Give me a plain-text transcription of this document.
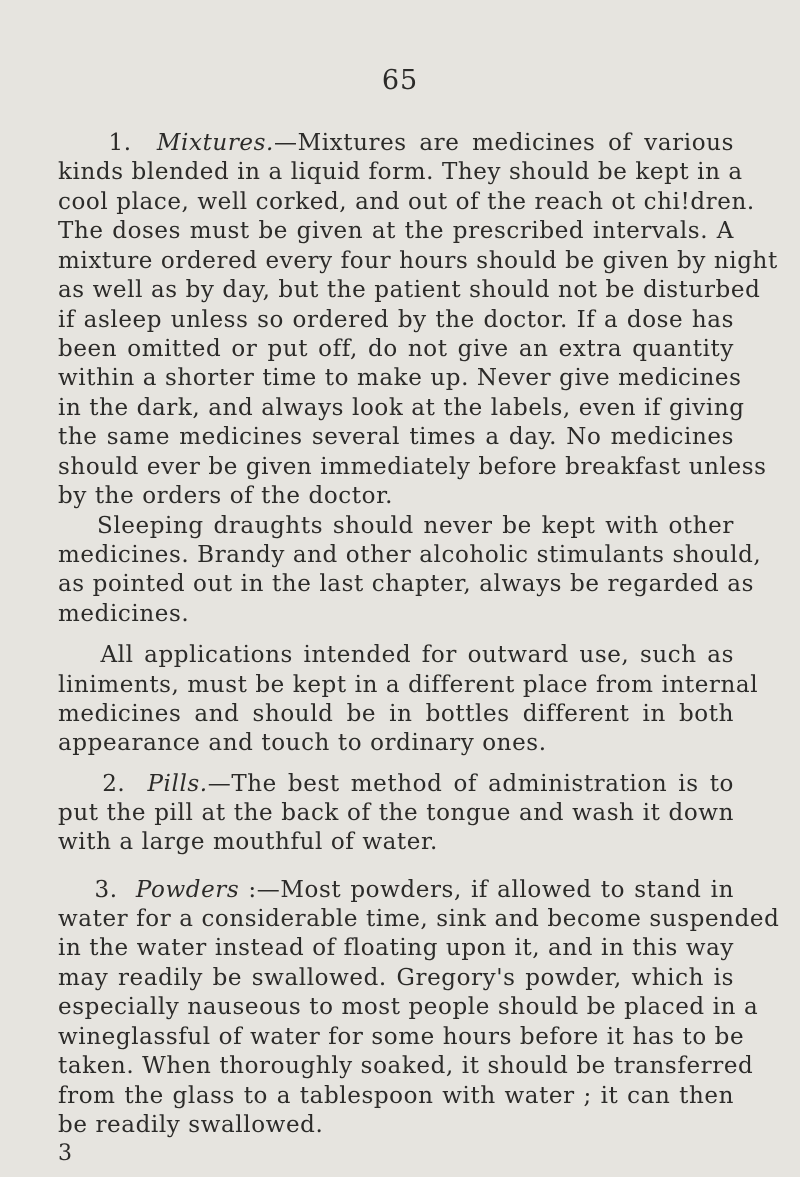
65
1.  Mixtures.—Mixtures are medicines of various
kinds blended in a liquid form. They should be kept in a
cool place, well corked, and out of the reach ot chi!dren.
The doses must be given at the prescribed intervals. A
mixture ordered every four hours should be given by night
as well as by day, but the patient should not be disturbed
if asleep unless so ordered by the doctor. If a dose has
been omitted or put off, do not give an extra quantity
within a shorter time to make up. Never give medicines
in the dark, and always look at the labels, even if giving
the same medicines several times a day. No medicines
should ever be given immediately before breakfast unless
by the orders of the doctor.
Sleeping draughts should never be kept with other
medicines. Brandy and other alcoholic stimulants should,
as pointed out in the last chapter, always be regarded as
medicines.
All applications intended for outward use, such as
liniments, must be kept in a different place from internal
medicines and should be in bottles different in both
appearance and touch to ordinary ones.
2.  Pills.—The best method of administration is to
put the pill at the back of the tongue and wash it down
with a large mouthful of water.
3.  Powders :—Most powders, if allowed to stand in
water for a considerable time, sink and become suspended
in the water instead of floating upon it, and in this way
may readily be swallowed. Gregory's powder, which is
especially nauseous to most people should be placed in a
wineglassful of water for some hours before it has to be
taken. When thoroughly soaked, it should be transferred
from the glass to a tablespoon with water ; it can then
be readily swallowed.
3
